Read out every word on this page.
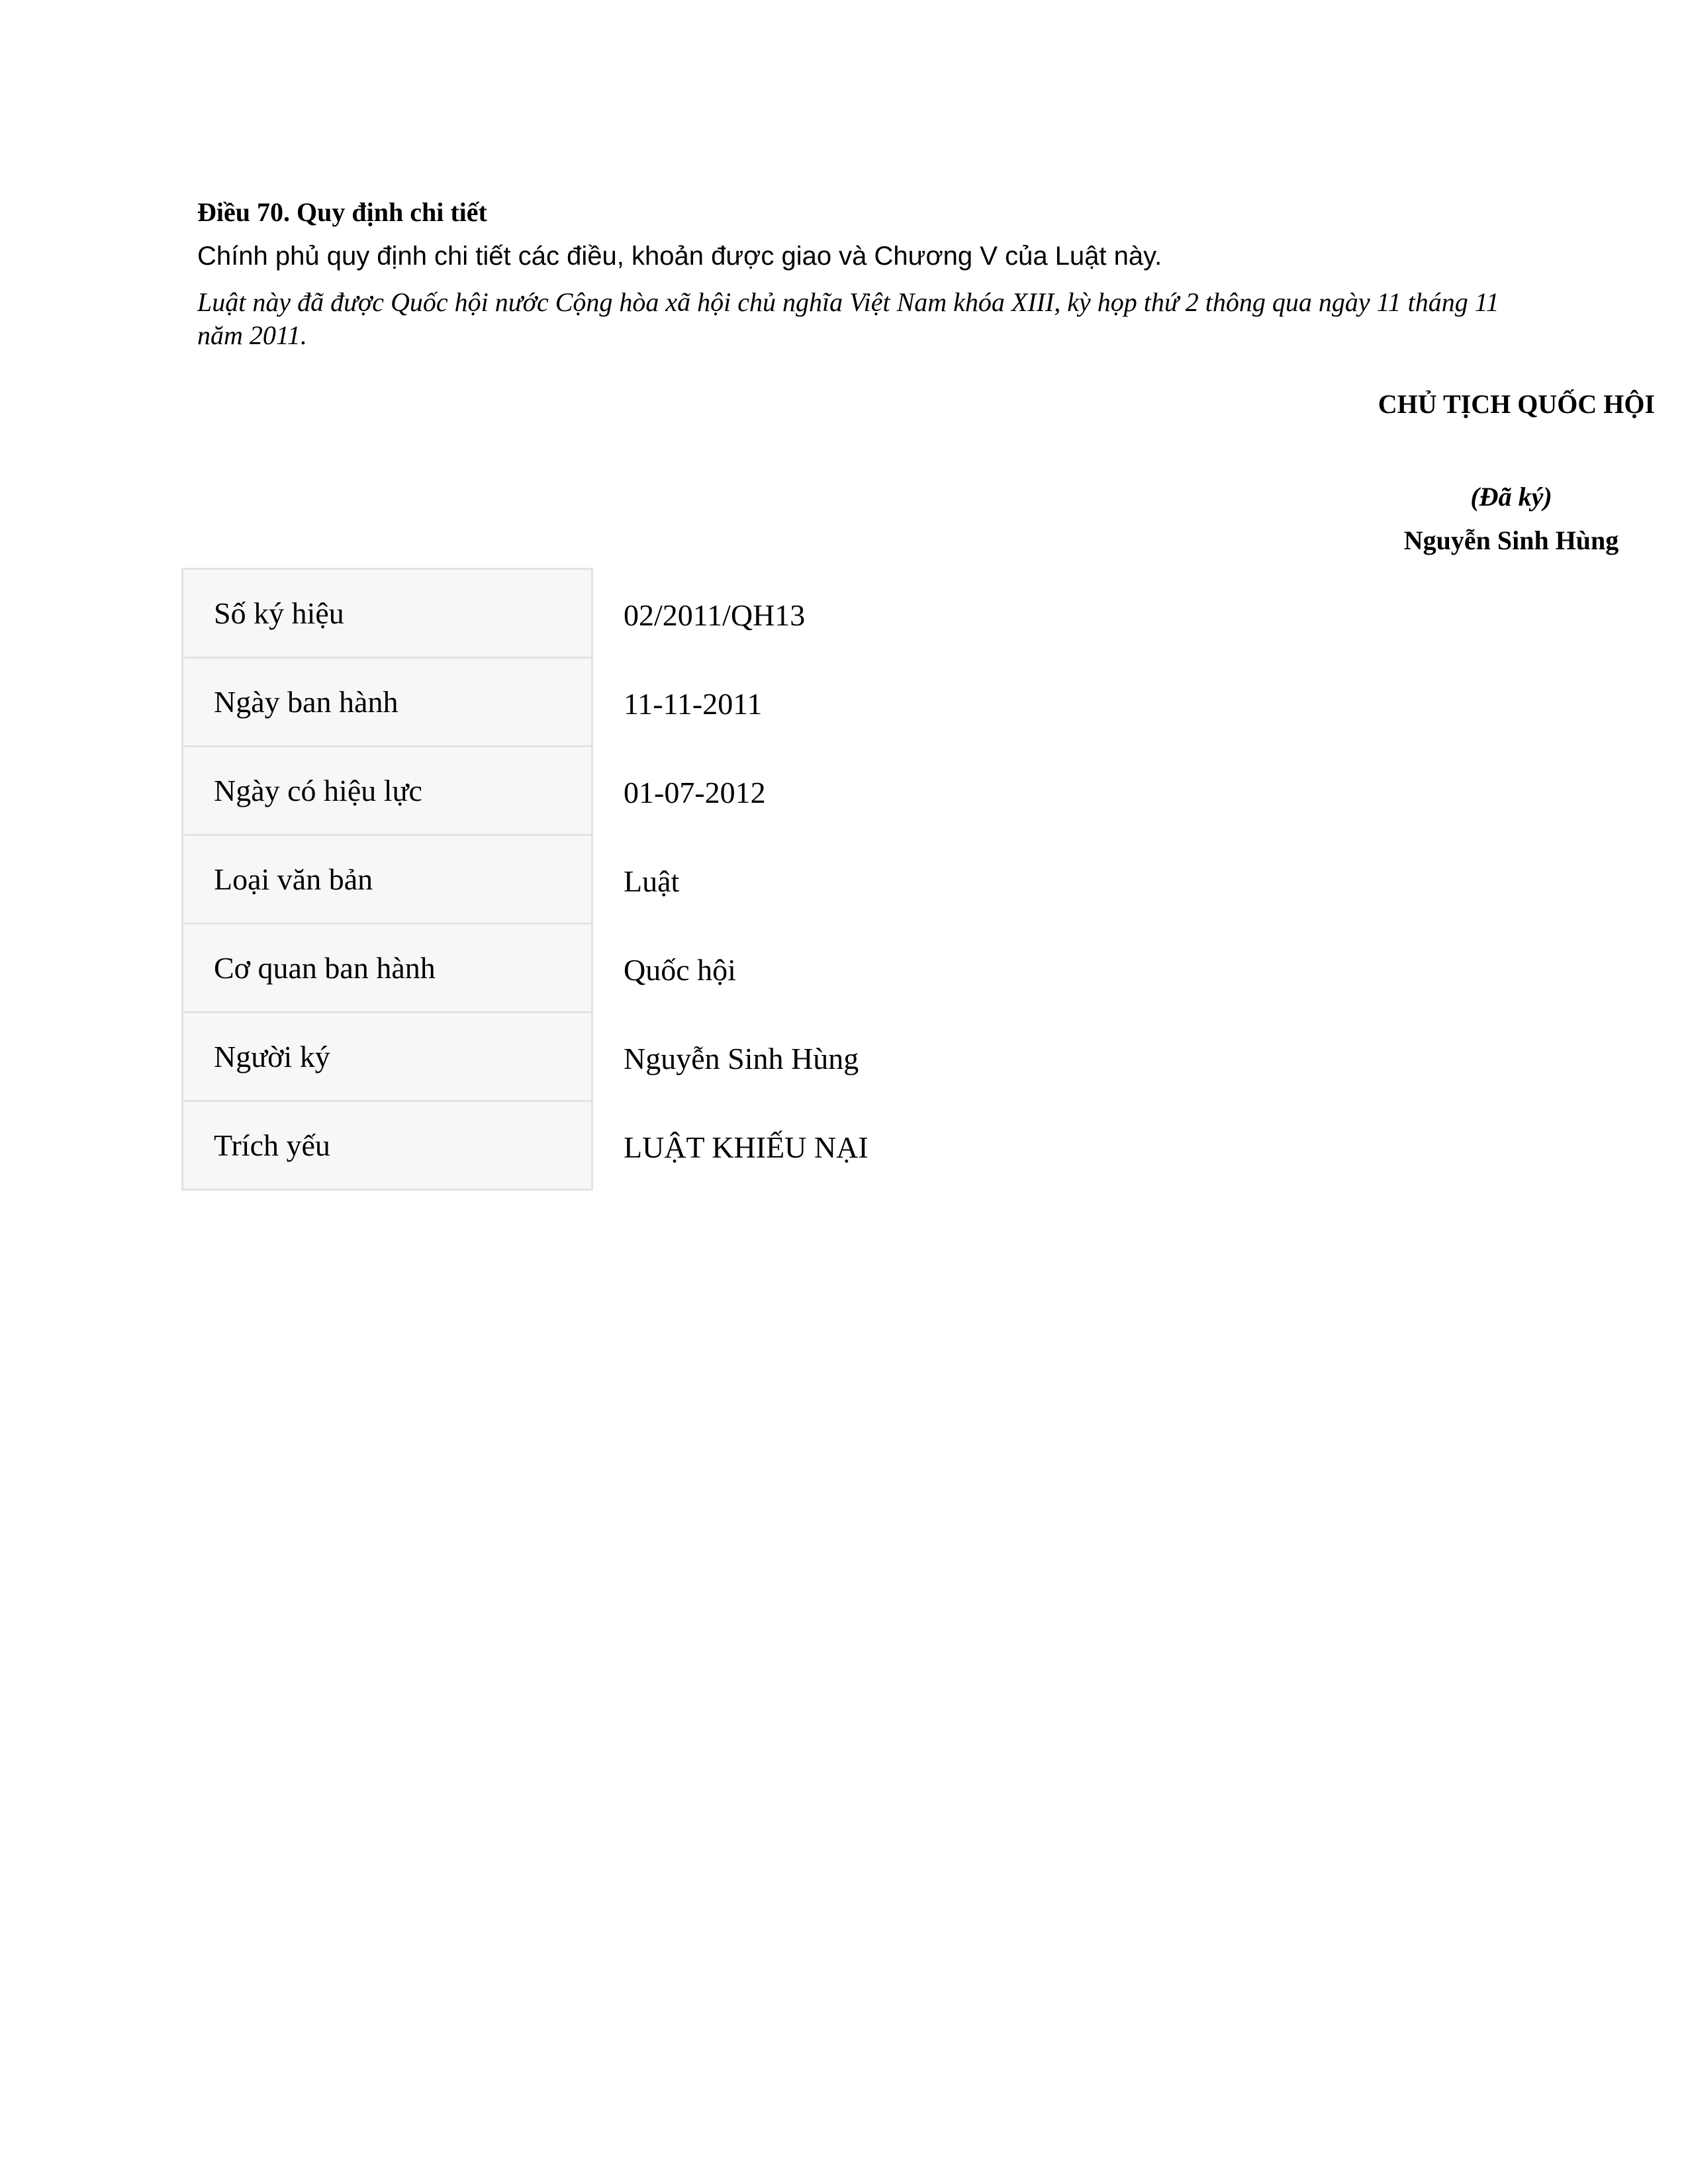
Điều 70. Quy định chi tiết
Chính phủ quy định chi tiết các điều, khoản được giao và Chương V của Luật này.
Luật này đã được Quốc hội nước Cộng hòa xã hội chủ nghĩa Việt Nam khóa XIII, kỳ họp thứ 2 thông qua ngày 11 tháng 11 năm 2011.
CHỦ TỊCH QUỐC HỘI
(Đã ký)
Nguyễn Sinh Hùng
Số ký hiệu	02/2011/QH13
Ngày ban hành	11-11-2011
Ngày có hiệu lực	01-07-2012
Loại văn bản	Luật
Cơ quan ban hành	Quốc hội
Người ký	Nguyễn Sinh Hùng
Trích yếu	LUẬT KHIẾU NẠI
